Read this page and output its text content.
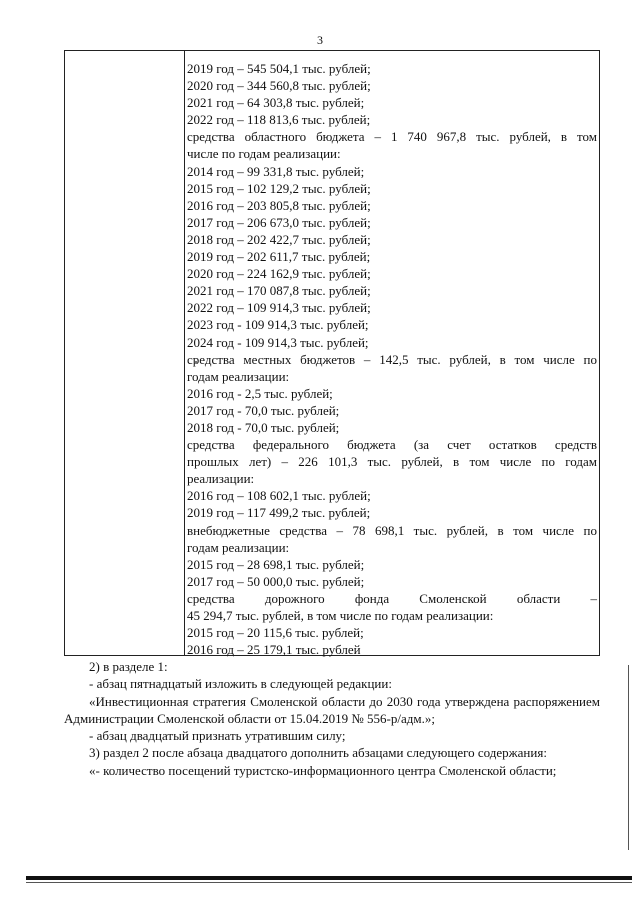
3
2019 год – 545 504,1 тыс. рублей;
2020 год – 344 560,8 тыс. рублей;
2021 год – 64 303,8 тыс. рублей;
2022 год – 118 813,6 тыс. рублей;
средства областного бюджета – 1 740 967,8 тыс. рублей, в том
числе по годам реализации:
2014 год – 99 331,8 тыс. рублей;
2015 год – 102 129,2 тыс. рублей;
2016 год – 203 805,8 тыс. рублей;
2017 год – 206 673,0 тыс. рублей;
2018 год – 202 422,7 тыс. рублей;
2019 год – 202 611,7 тыс. рублей;
2020 год – 224 162,9 тыс. рублей;
2021 год – 170 087,8 тыс. рублей;
2022 год – 109 914,3 тыс. рублей;
2023 год - 109 914,3 тыс. рублей;
2024 год - 109 914,3 тыс. рублей;
средства местных бюджетов – 142,5 тыс. рублей, в том числе по
годам реализации:
2016 год - 2,5 тыс. рублей;
2017 год - 70,0 тыс. рублей;
2018 год - 70,0 тыс. рублей;
средства федерального бюджета (за счет остатков средств
прошлых лет) – 226 101,3 тыс. рублей, в том числе по годам
реализации:
2016 год – 108 602,1 тыс. рублей;
2019 год – 117 499,2 тыс. рублей;
внебюджетные средства – 78 698,1 тыс. рублей, в том числе по
годам реализации:
2015 год – 28 698,1 тыс. рублей;
2017 год – 50 000,0 тыс. рублей;
средства дорожного фонда Смоленской области –
45 294,7 тыс. рублей, в том числе по годам реализации:
2015 год – 20 115,6 тыс. рублей;
2016 год – 25 179,1 тыс. рублей
2) в разделе 1:
- абзац пятнадцатый изложить в следующей редакции:
«Инвестиционная стратегия Смоленской области до 2030 года утверждена распоряжением Администрации Смоленской области от 15.04.2019 № 556-р/адм.»;
- абзац двадцатый признать утратившим силу;
3) раздел 2 после абзаца двадцатого дополнить абзацами следующего содержания:
«- количество посещений туристско-информационного центра Смоленской области;
